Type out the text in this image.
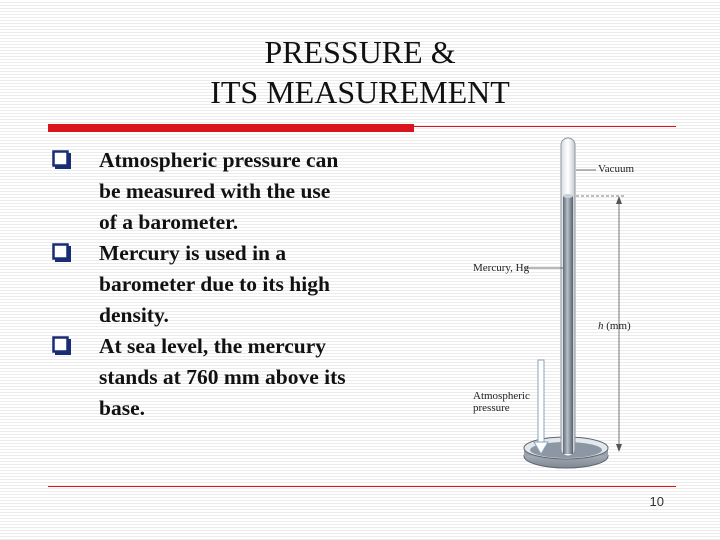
PRESSURE &
ITS MEASUREMENT
Atmospheric pressure can
be measured with the use
of a barometer.
Mercury is used in a
barometer due to its high
density.
At sea level, the mercury
stands at 760 mm above its
base.
Vacuum
Mercury, Hg
h (mm)
Atmospheric
pressure
10
